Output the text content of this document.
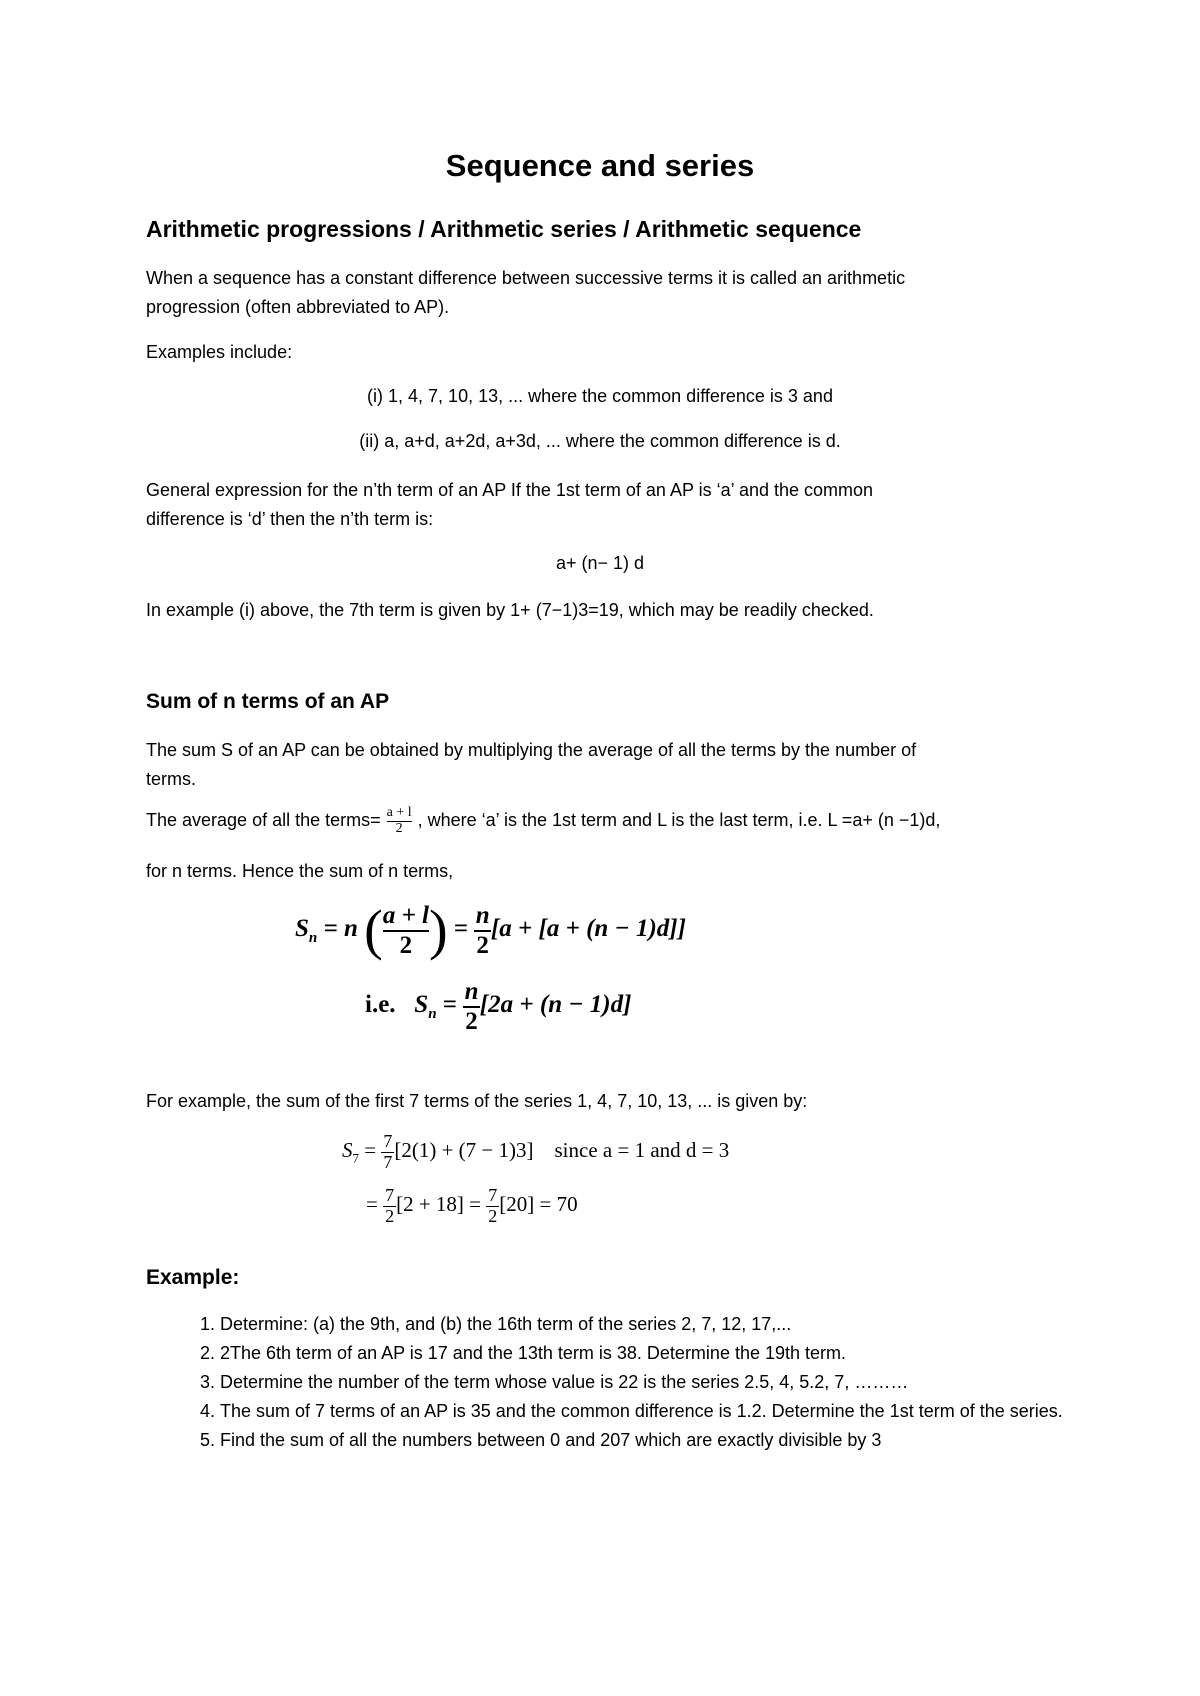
Sequence and series
Arithmetic progressions / Arithmetic series / Arithmetic sequence
When a sequence has a constant difference between successive terms it is called an arithmetic
progression (often abbreviated to AP).
Examples include:
(i) 1, 4, 7, 10, 13, ... where the common difference is 3 and
(ii) a, a+d, a+2d, a+3d, ... where the common difference is d.
General expression for the n’th term of an AP If the 1st term of an AP is ‘a’ and the common
difference is ‘d’ then the n’th term is:
a+ (n− 1) d
In example (i) above, the 7th term is given by 1+ (7−1)3=19, which may be readily checked.
Sum of n terms of an AP
The sum S of an AP can be obtained by multiplying the average of all the terms by the number of
terms.
The average of all the terms= $\frac{a + l}{2}$ , where ‘a’ is the 1st term and L is the last term, i.e. L =a+ (n −1)d,
for n terms. Hence the sum of n terms,
$S_n = n$ ( $\frac{a + l}{2}$ ) = $\frac{n}{2} [a + [a + (n - 1)d]]$
i.e. $S_n = \frac{n}{2} [2a + (n - 1)d]$
For example, the sum of the first 7 terms of the series 1, 4, 7, 10, 13, ... is given by:
$S_7 = \frac{7}{7} [2(1) + (7 - 1)3]$ since a = 1 and d = 3
= $\frac{7}{2} [2 + 18] = \frac{7}{2} [20] = 70$
Example:
1. Determine: (a) the 9th, and (b) the 16th term of the series 2, 7, 12, 17,...
2. 2The 6th term of an AP is 17 and the 13th term is 38. Determine the 19th term.
3. Determine the number of the term whose value is 22 is the series 2.5, 4, 5.2, 7, ………
4. The sum of 7 terms of an AP is 35 and the common difference is 1.2. Determine the 1st term of the series.
5. Find the sum of all the numbers between 0 and 207 which are exactly divisible by 3
